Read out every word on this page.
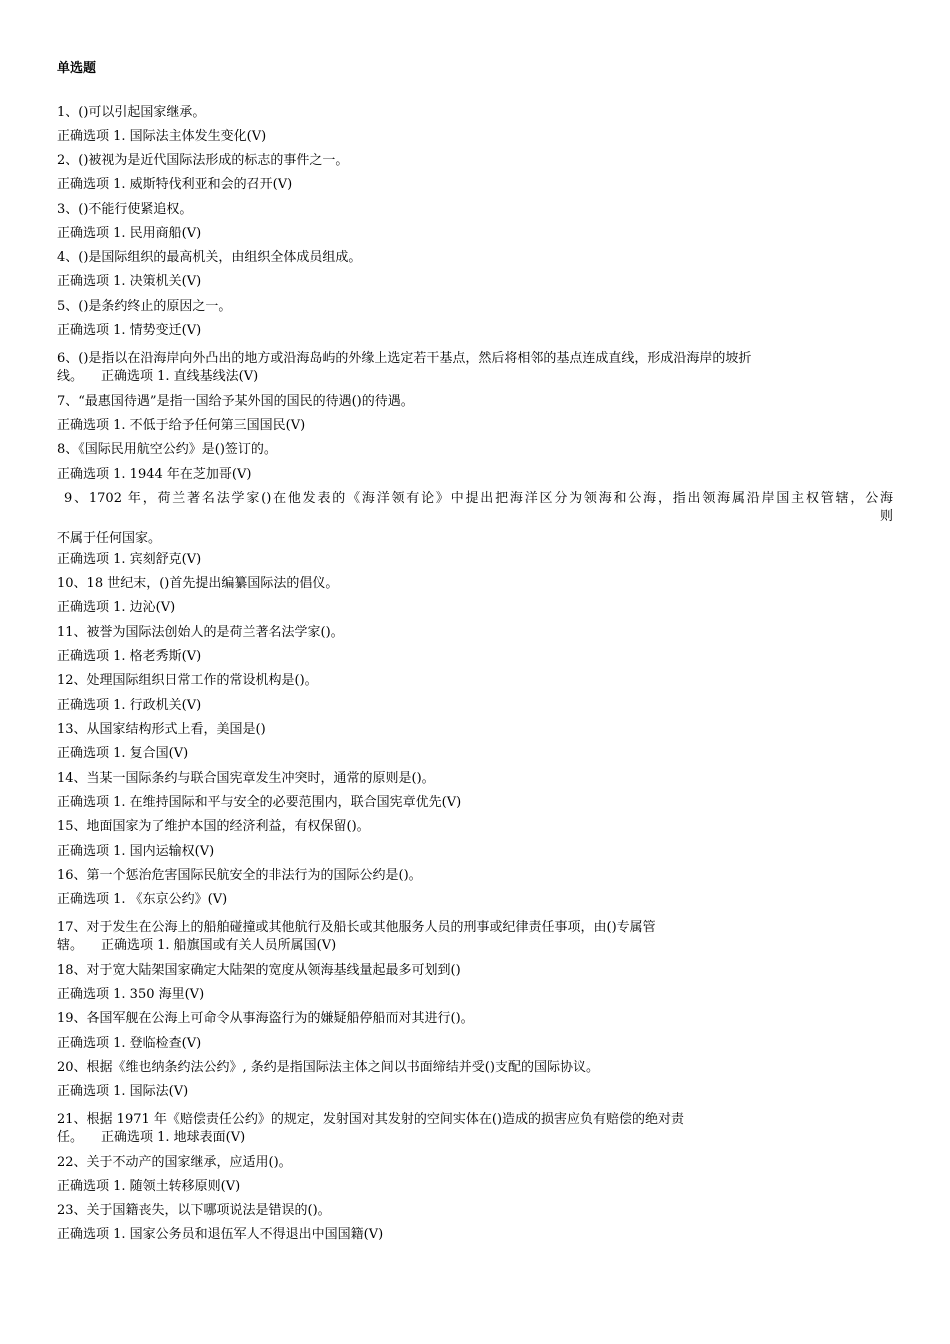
单选题
1、()可以引起国家继承。
正确选项 1. 国际法主体发生变化(V)
2、()被视为是近代国际法形成的标志的事件之一。
正确选项 1. 威斯特伐利亚和会的召开(V)
3、()不能行使紧追权。
正确选项 1. 民用商船(V)
4、()是国际组织的最高机关，由组织全体成员组成。
正确选项 1. 决策机关(V)
5、()是条约终止的原因之一。
正确选项 1. 情势变迁(V)
6、()是指以在沿海岸向外凸出的地方或沿海岛屿的外缘上选定若干基点，然后将相邻的基点连成直线，形成沿海岸的坡折
线。 正确选项 1. 直线基线法(V)
7、“最惠国待遇”是指一国给予某外国的国民的待遇()的待遇。
正确选项 1. 不低于给予任何第三国国民(V)
8、《国际民用航空公约》是()签订的。
正确选项 1. 1944 年在芝加哥(V)
9、1702 年，荷兰著名法学家()在他发表的《海洋领有论》中提出把海洋区分为领海和公海，指出领海属沿岸国主权管辖，公海
则
不属于任何国家。
正确选项 1. 宾刻舒克(V)
10、18 世纪末，()首先提出编纂国际法的倡仪。
正确选项 1. 边沁(V)
11、被誉为国际法创始人的是荷兰著名法学家()。
正确选项 1. 格老秀斯(V)
12、处理国际组织日常工作的常设机构是()。
正确选项 1. 行政机关(V)
13、从国家结构形式上看，美国是()
正确选项 1. 复合国(V)
14、当某一国际条约与联合国宪章发生冲突时，通常的原则是()。
正确选项 1. 在维持国际和平与安全的必要范围内，联合国宪章优先(V)
15、地面国家为了维护本国的经济利益，有权保留()。
正确选项 1. 国内运输权(V)
16、第一个惩治危害国际民航安全的非法行为的国际公约是()。
正确选项 1. 《东京公约》(V)
17、对于发生在公海上的船舶碰撞或其他航行及船长或其他服务人员的刑事或纪律责任事项，由()专属管
辖。 正确选项 1. 船旗国或有关人员所属国(V)
18、对于宽大陆架国家确定大陆架的宽度从领海基线量起最多可划到()
正确选项 1. 350 海里(V)
19、各国军舰在公海上可命令从事海盗行为的嫌疑船停船而对其进行()。
正确选项 1. 登临检查(V)
20、根据《维也纳条约法公约》, 条约是指国际法主体之间以书面缔结并受()支配的国际协议。
正确选项 1. 国际法(V)
21、根据 1971 年《赔偿责任公约》的规定，发射国对其发射的空间实体在()造成的损害应负有赔偿的绝对责
任。 正确选项 1. 地球表面(V)
22、关于不动产的国家继承，应适用()。
正确选项 1. 随领土转移原则(V)
23、关于国籍丧失，以下哪项说法是错误的()。
正确选项 1. 国家公务员和退伍军人不得退出中国国籍(V)
